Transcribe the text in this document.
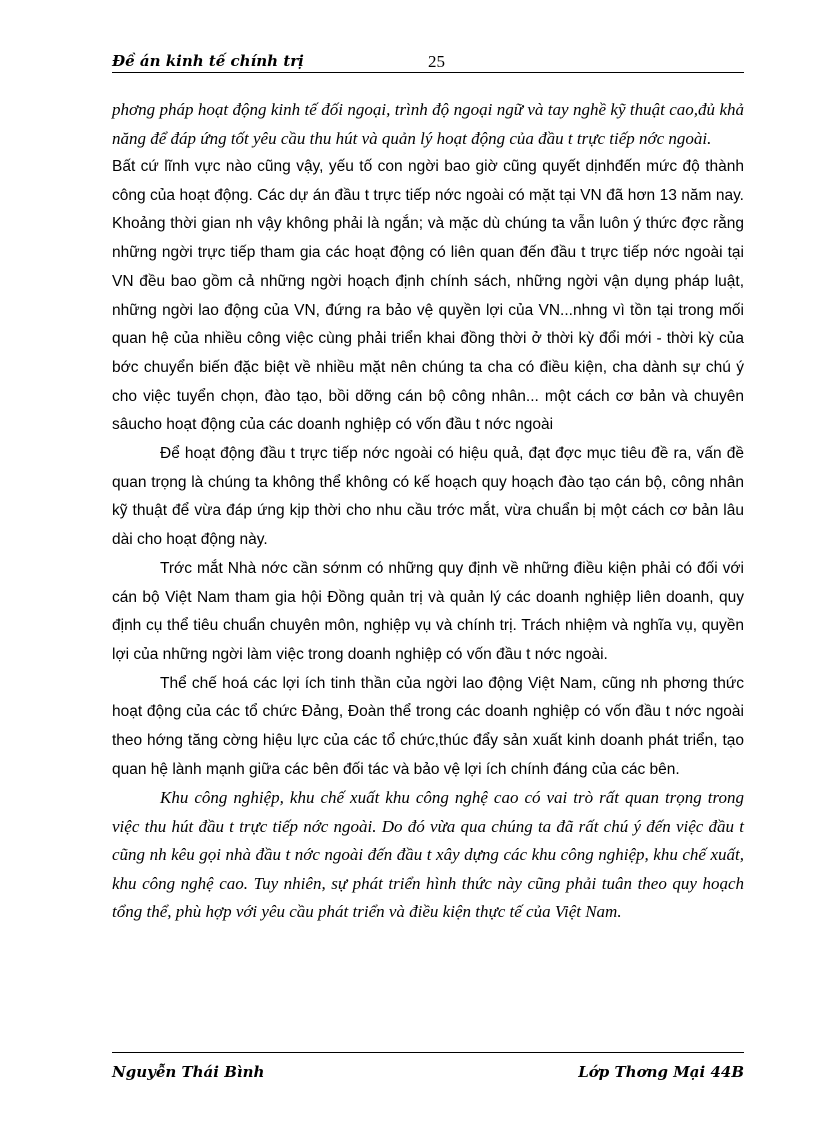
Đề án kinh tế chính trị	25

phơng pháp hoạt động kinh tế đối ngoại, trình độ ngoại ngữ và tay nghề kỹ thuật cao,đủ khả năng để đáp ứng tốt yêu cầu thu hút và quản lý hoạt động của đầu t trực tiếp nớc ngoài.

Bất cứ lĩnh vực nào cũng vậy, yếu tố con ngời bao giờ cũng quyết dịnhđến mức độ thành công của hoạt động. Các dự án đầu t trực tiếp nớc ngoài có mặt tại VN đã hơn 13 năm nay. Khoảng thời gian nh vậy không phải là ngắn; và mặc dù chúng ta vẫn luôn ý thức đợc rằng những ngời trực tiếp tham gia các hoạt động có liên quan đến đầu t trực tiếp nớc ngoài tại VN đều bao gồm cả những ngời hoạch định chính sách, những ngời vận dụng pháp luật, những ngời lao động của VN, đứng ra bảo vệ quyền lợi của VN...nhng vì tồn tại trong mối quan hệ của nhiều công việc cùng phải triển khai đồng thời ở thời kỳ đổi mới - thời kỳ của bớc chuyển biến đặc biệt về nhiều mặt nên chúng ta cha có điều kiện, cha dành sự chú ý cho việc tuyển chọn, đào tạo, bồi dỡng cán bộ công nhân... một cách cơ bản và chuyên sâucho hoạt động của các doanh nghiệp có vốn đầu t nớc ngoài

Để hoạt động đầu t trực tiếp nớc ngoài có hiệu quả, đạt đợc mục tiêu đề ra, vấn đề quan trọng là chúng ta không thể không có kế hoạch quy hoạch đào tạo cán bộ, công nhân kỹ thuật để vừa đáp ứng kịp thời cho nhu cầu trớc mắt, vừa chuẩn bị một cách cơ bản lâu dài cho hoạt động này.

Trớc mắt Nhà nớc cần sớnm có những quy định về những điều kiện phải có đối với cán bộ Việt Nam tham gia hội Đồng quản trị và quản lý các doanh nghiệp liên doanh, quy định cụ thể tiêu chuẩn chuyên môn, nghiệp vụ và chính trị. Trách nhiệm và nghĩa vụ, quyền lợi của những ngời làm việc trong doanh nghiệp có vốn đầu t nớc ngoài.

Thể chế hoá các lợi ích tinh thần của ngời lao động Việt Nam, cũng nh phơng thức hoạt động của các tổ chức Đảng, Đoàn thể trong các doanh nghiệp có vốn đầu t nớc ngoài theo hớng tăng cờng hiệu lực của các tổ chức,thúc đẩy sản xuất kinh doanh phát triển, tạo quan hệ lành mạnh giữa các bên đối tác và bảo vệ lợi ích chính đáng của các bên.

Khu công nghiệp, khu chế xuất khu công nghệ cao có vai trò rất quan trọng trong việc thu hút đầu t trực tiếp nớc ngoài. Do đó vừa qua chúng ta đã rất chú ý đến việc đầu t cũng nh kêu gọi nhà đầu t nớc ngoài đến đầu t xây dựng các khu công nghiệp, khu chế xuất, khu công nghệ cao. Tuy nhiên, sự phát triển hình thức này cũng phải tuân theo quy hoạch tổng thể, phù hợp với yêu cầu phát triển và điều kiện thực tế của Việt Nam.

Nguyễn Thái Bình	Lớp Thơng Mại 44B
